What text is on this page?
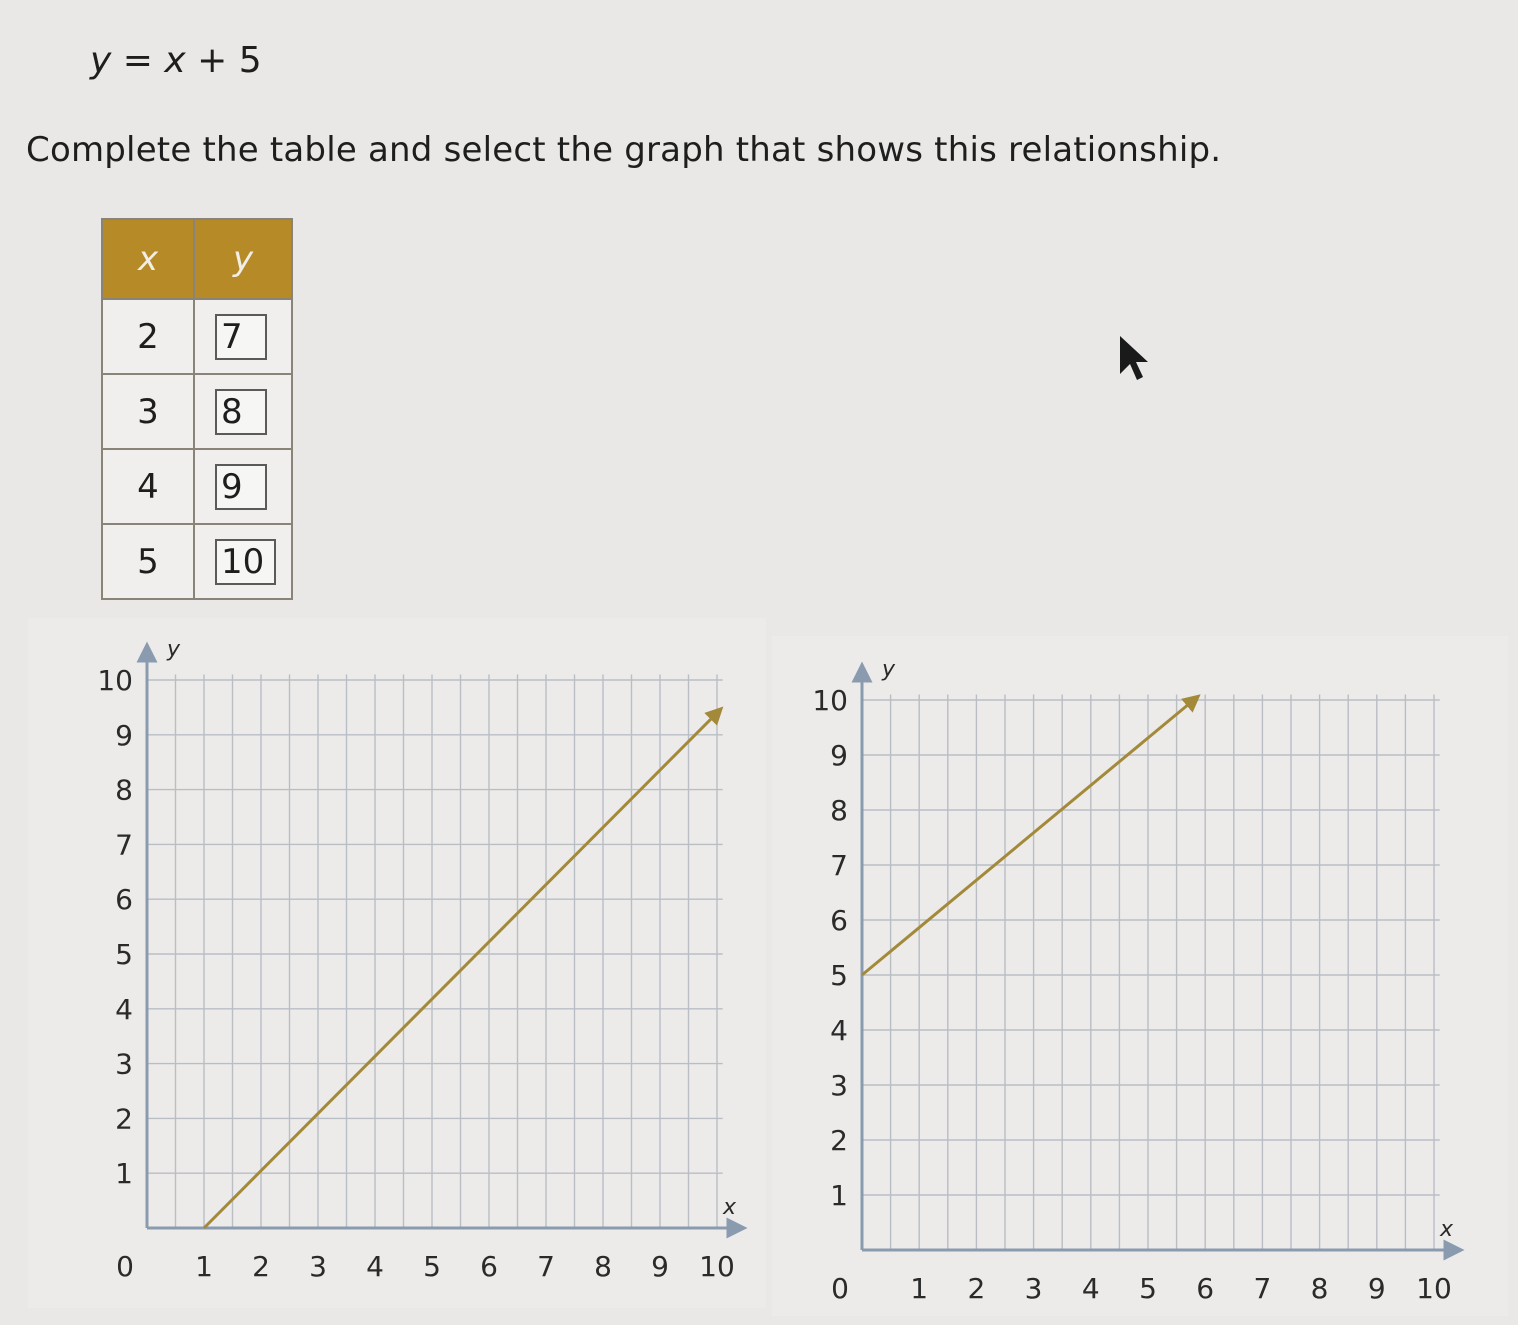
y = x + 5
Complete the table and select the graph that shows this relationship.
x	y
2	7
3	8
4	9
5	10
0 1 2 3 4 5 6 7 8 9 10
1
2
3
4
5
6
7
8
9
10
x
y
0 1 2 3 4 5 6 7 8 9 10
1
2
3
4
5
6
7
8
9
10
x
y
